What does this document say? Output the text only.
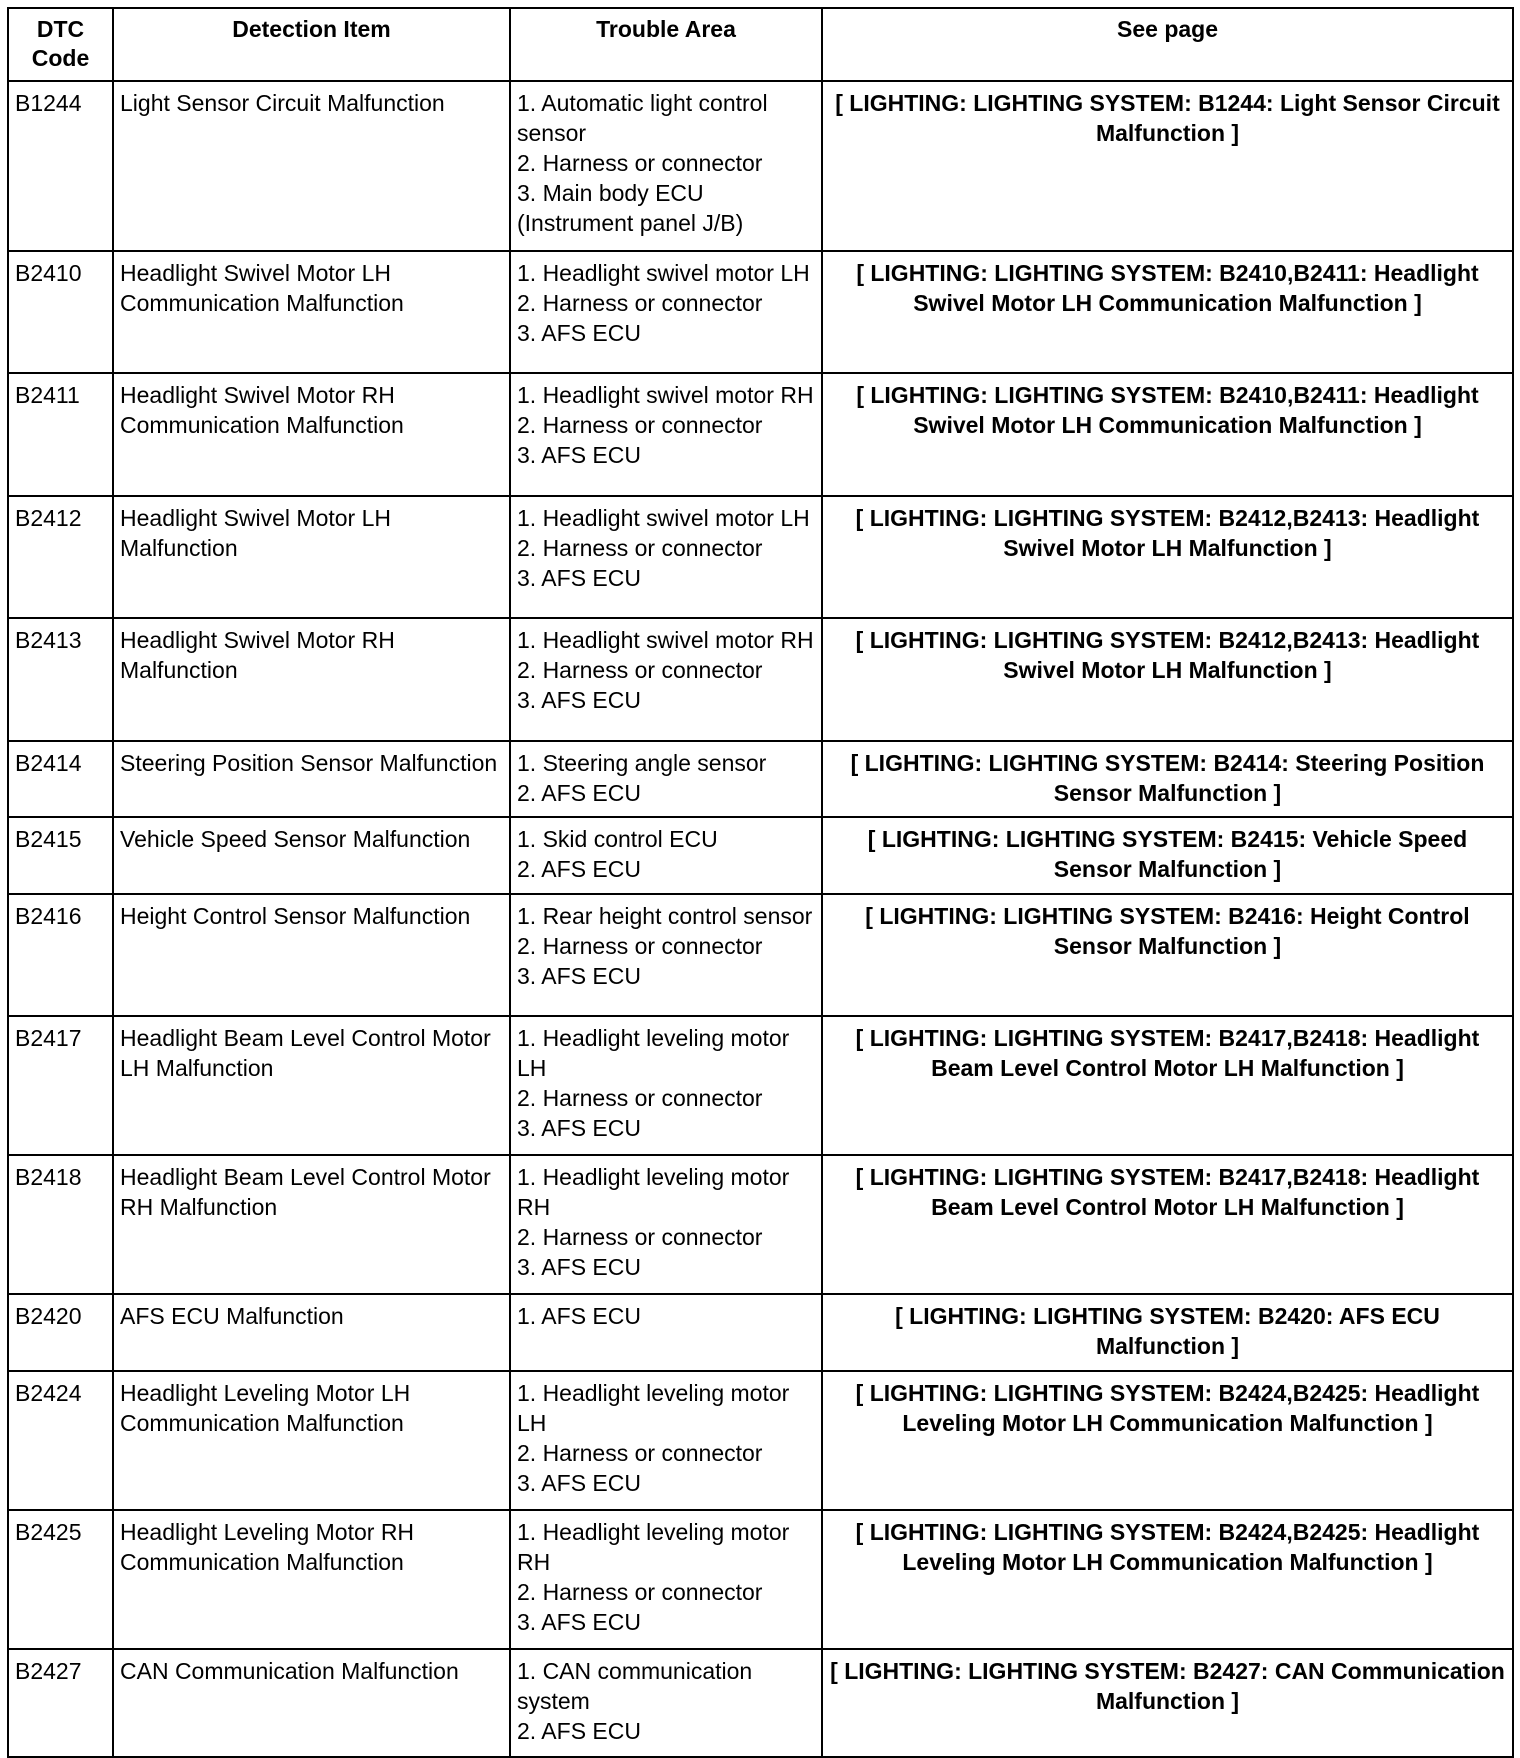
DTC Code	Detection Item	Trouble Area	See page
B1244	Light Sensor Circuit Malfunction	1. Automatic light control sensor
2. Harness or connector
3. Main body ECU (Instrument panel J/B)	[ LIGHTING: LIGHTING SYSTEM: B1244: Light Sensor Circuit Malfunction ]
B2410	Headlight Swivel Motor LH Communication Malfunction	1. Headlight swivel motor LH
2. Harness or connector
3. AFS ECU	[ LIGHTING: LIGHTING SYSTEM: B2410,B2411: Headlight Swivel Motor LH Communication Malfunction ]
B2411	Headlight Swivel Motor RH Communication Malfunction	1. Headlight swivel motor RH
2. Harness or connector
3. AFS ECU	[ LIGHTING: LIGHTING SYSTEM: B2410,B2411: Headlight Swivel Motor LH Communication Malfunction ]
B2412	Headlight Swivel Motor LH Malfunction	1. Headlight swivel motor LH
2. Harness or connector
3. AFS ECU	[ LIGHTING: LIGHTING SYSTEM: B2412,B2413: Headlight Swivel Motor LH Malfunction ]
B2413	Headlight Swivel Motor RH Malfunction	1. Headlight swivel motor RH
2. Harness or connector
3. AFS ECU	[ LIGHTING: LIGHTING SYSTEM: B2412,B2413: Headlight Swivel Motor LH Malfunction ]
B2414	Steering Position Sensor Malfunction	1. Steering angle sensor
2. AFS ECU	[ LIGHTING: LIGHTING SYSTEM: B2414: Steering Position Sensor Malfunction ]
B2415	Vehicle Speed Sensor Malfunction	1. Skid control ECU
2. AFS ECU	[ LIGHTING: LIGHTING SYSTEM: B2415: Vehicle Speed Sensor Malfunction ]
B2416	Height Control Sensor Malfunction	1. Rear height control sensor
2. Harness or connector
3. AFS ECU	[ LIGHTING: LIGHTING SYSTEM: B2416: Height Control Sensor Malfunction ]
B2417	Headlight Beam Level Control Motor LH Malfunction	1. Headlight leveling motor LH
2. Harness or connector
3. AFS ECU	[ LIGHTING: LIGHTING SYSTEM: B2417,B2418: Headlight Beam Level Control Motor LH Malfunction ]
B2418	Headlight Beam Level Control Motor RH Malfunction	1. Headlight leveling motor RH
2. Harness or connector
3. AFS ECU	[ LIGHTING: LIGHTING SYSTEM: B2417,B2418: Headlight Beam Level Control Motor LH Malfunction ]
B2420	AFS ECU Malfunction	1. AFS ECU	[ LIGHTING: LIGHTING SYSTEM: B2420: AFS ECU Malfunction ]
B2424	Headlight Leveling Motor LH Communication Malfunction	1. Headlight leveling motor LH
2. Harness or connector
3. AFS ECU	[ LIGHTING: LIGHTING SYSTEM: B2424,B2425: Headlight Leveling Motor LH Communication Malfunction ]
B2425	Headlight Leveling Motor RH Communication Malfunction	1. Headlight leveling motor RH
2. Harness or connector
3. AFS ECU	[ LIGHTING: LIGHTING SYSTEM: B2424,B2425: Headlight Leveling Motor LH Communication Malfunction ]
B2427	CAN Communication Malfunction	1. CAN communication system
2. AFS ECU	[ LIGHTING: LIGHTING SYSTEM: B2427: CAN Communication Malfunction ]
